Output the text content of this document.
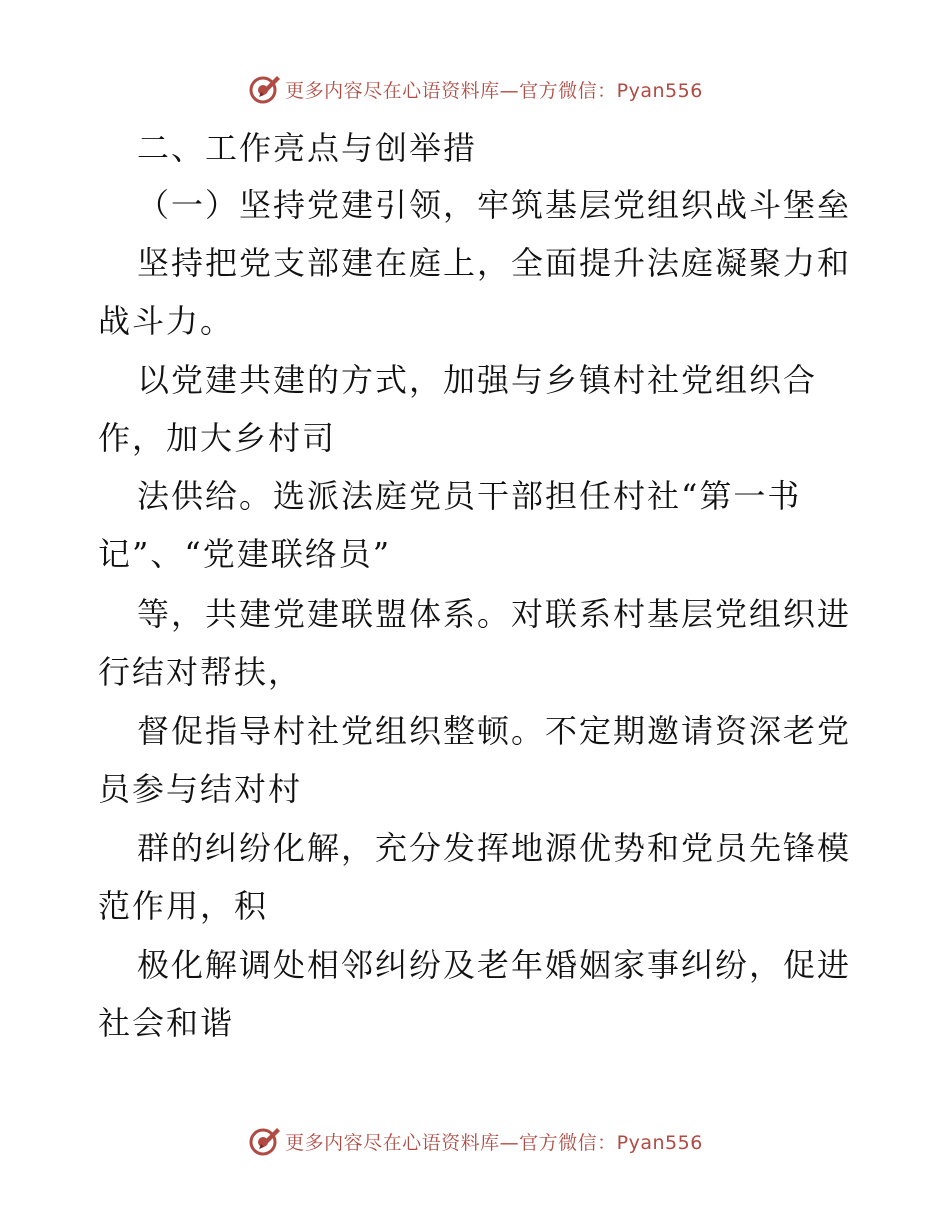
更多内容尽在心语资料库—官方微信：Pyan556
二、工作亮点与创举措
（一）坚持党建引领，牢筑基层党组织战斗堡垒
坚持把党支部建在庭上，全面提升法庭凝聚力和
战斗力。
以党建共建的方式，加强与乡镇村社党组织合
作，加大乡村司
法供给。选派法庭党员干部担任村社“第一书
记”、“党建联络员”
等，共建党建联盟体系。对联系村基层党组织进
行结对帮扶，
督促指导村社党组织整顿。不定期邀请资深老党
员参与结对村
群的纠纷化解，充分发挥地源优势和党员先锋模
范作用，积
极化解调处相邻纠纷及老年婚姻家事纠纷，促进
社会和谐
更多内容尽在心语资料库—官方微信：Pyan556
